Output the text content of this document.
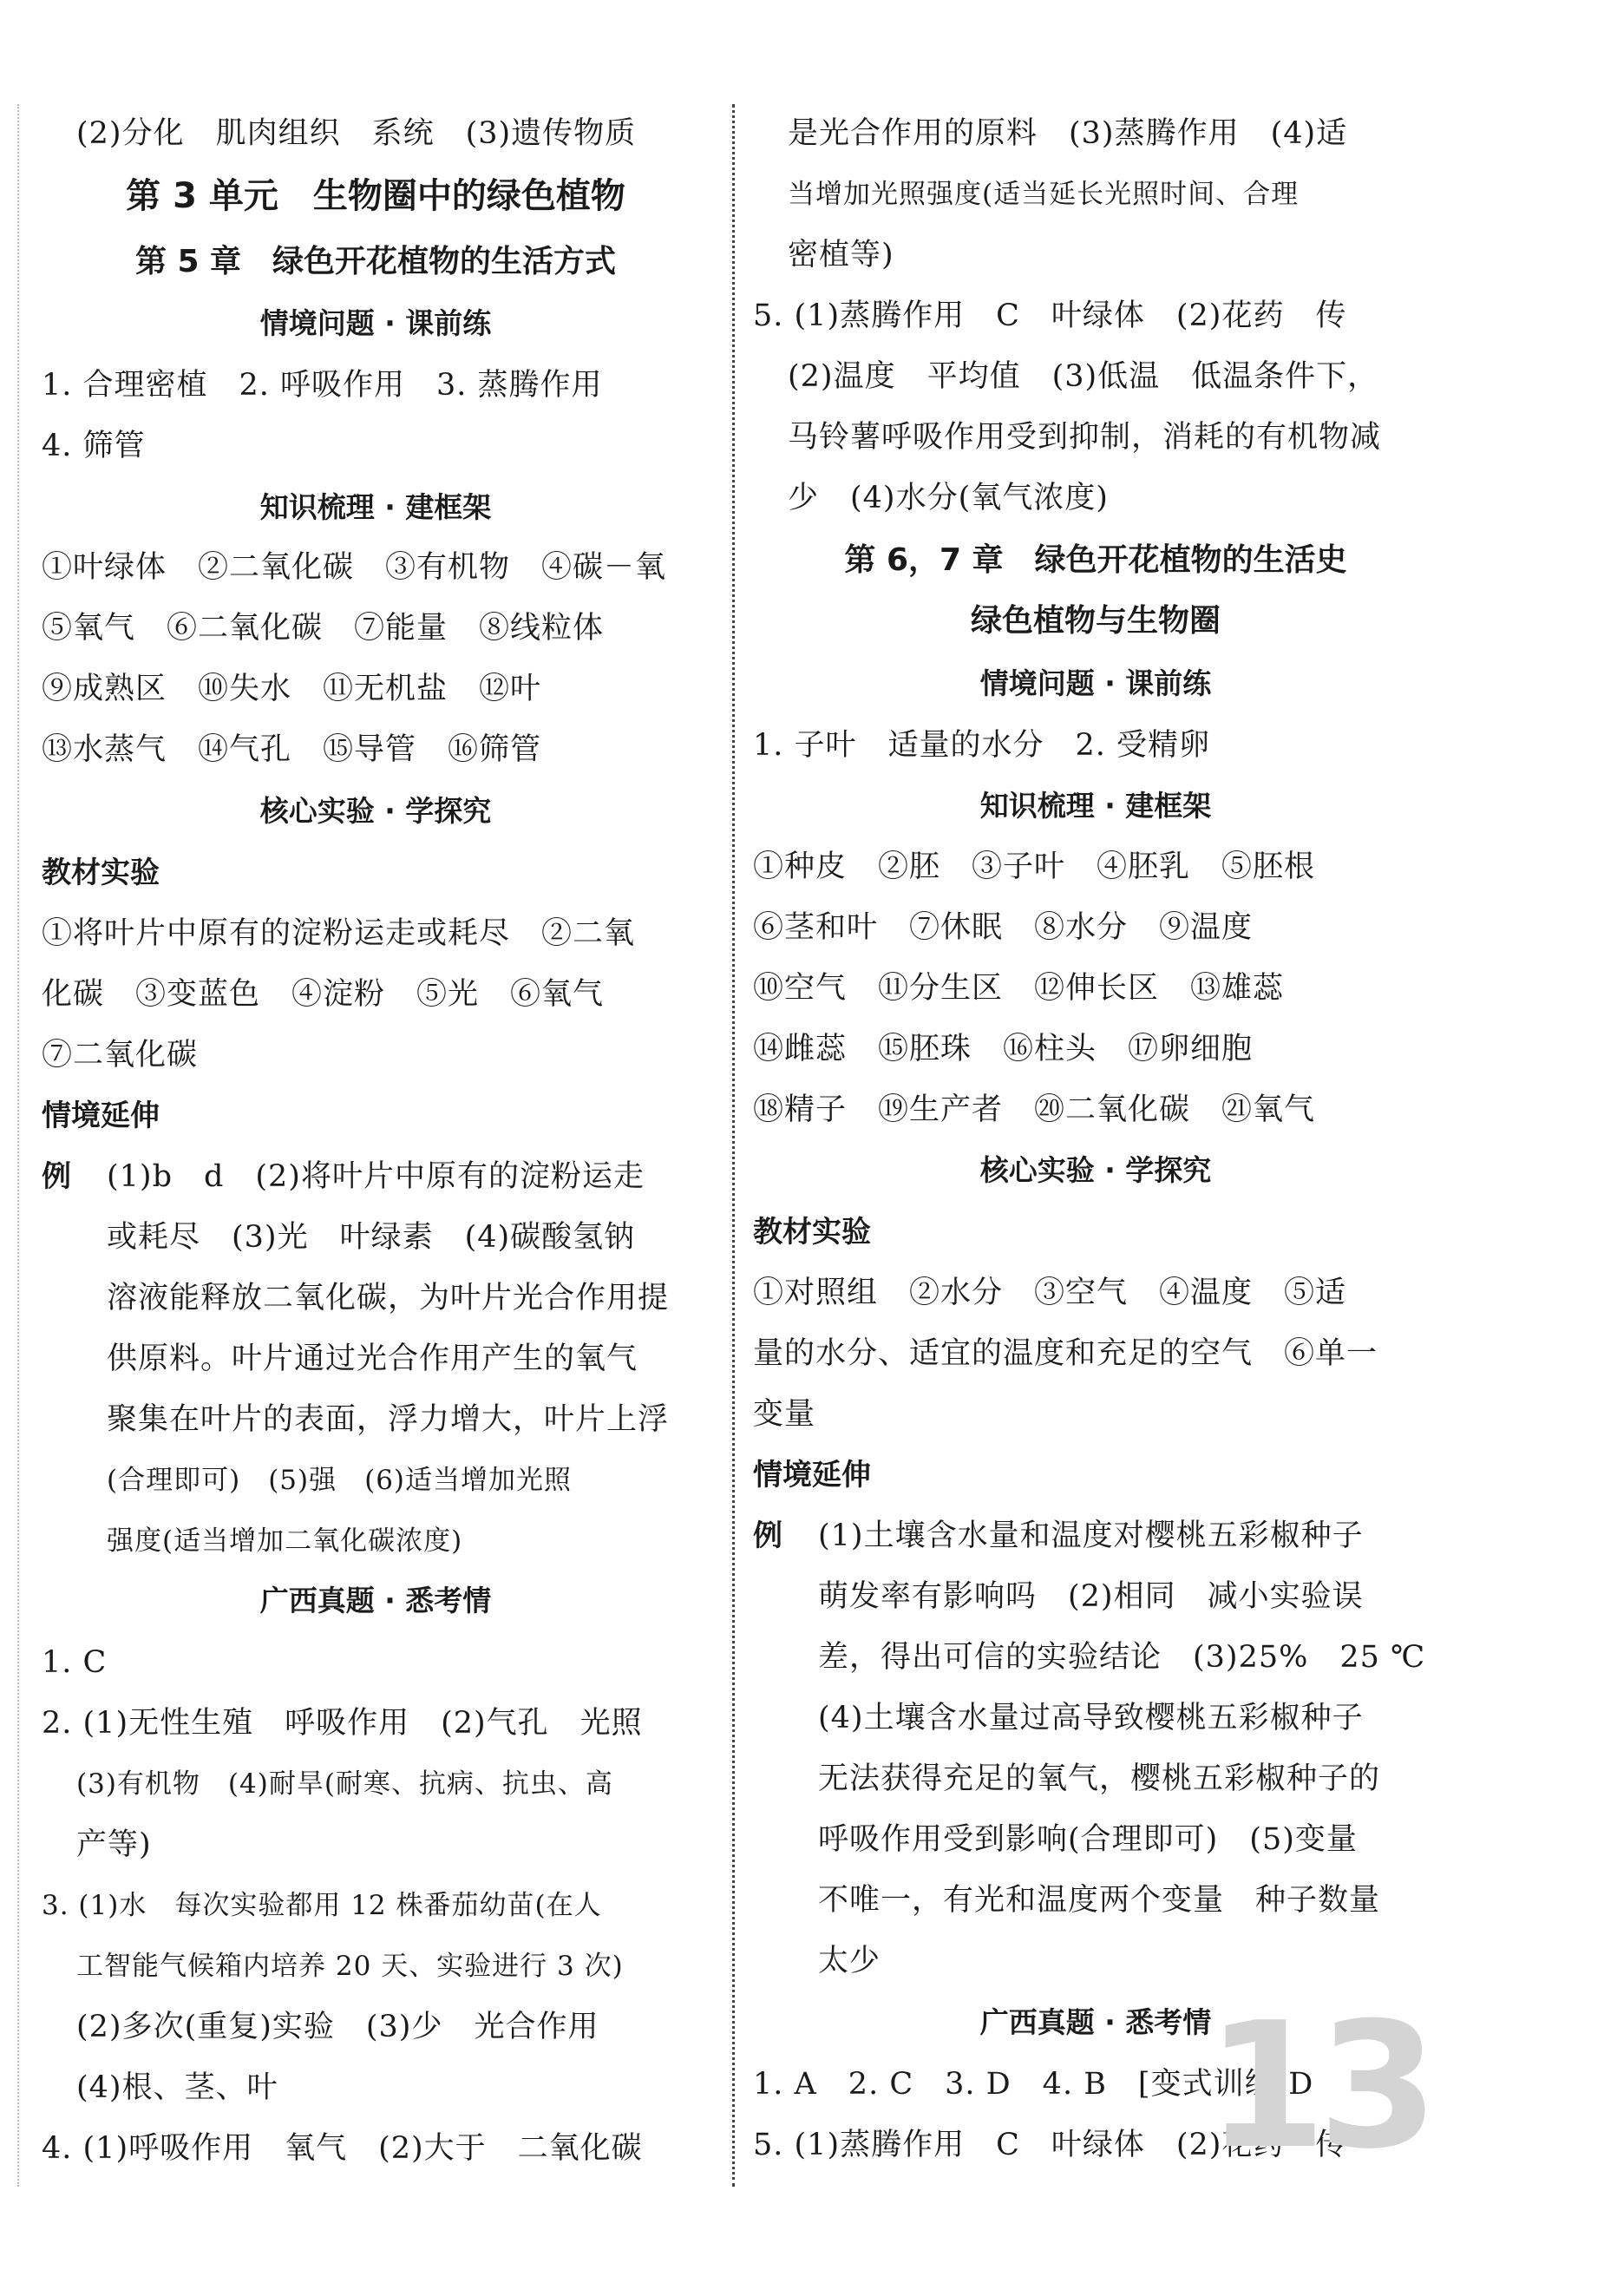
(2)分化　肌肉组织　系统　(3)遗传物质
第 3 单元　生物圈中的绿色植物
第 5 章　绿色开花植物的生活方式
情境问题 · 课前练
1. 合理密植　2. 呼吸作用　3. 蒸腾作用
4. 筛管
知识梳理 · 建框架
①叶绿体　②二氧化碳　③有机物　④碳－氧
⑤氧气　⑥二氧化碳　⑦能量　⑧线粒体
⑨成熟区　⑩失水　⑪无机盐　⑫叶
⑬水蒸气　⑭气孔　⑮导管　⑯筛管
核心实验 · 学探究
教材实验
①将叶片中原有的淀粉运走或耗尽　②二氧
化碳　③变蓝色　④淀粉　⑤光　⑥氧气
⑦二氧化碳
情境延伸
例 (1)b　d　(2)将叶片中原有的淀粉运走
或耗尽　(3)光　叶绿素　(4)碳酸氢钠
溶液能释放二氧化碳，为叶片光合作用提
供原料。叶片通过光合作用产生的氧气
聚集在叶片的表面，浮力增大，叶片上浮
(合理即可)　(5)强　(6)适当增加光照
强度(适当增加二氧化碳浓度)
广西真题 · 悉考情
1. C
2. (1)无性生殖　呼吸作用　(2)气孔　光照
(3)有机物　(4)耐旱(耐寒、抗病、抗虫、高
产等)
3. (1)水　每次实验都用 12 株番茄幼苗(在人
工智能气候箱内培养 20 天、实验进行 3 次)
(2)多次(重复)实验　(3)少　光合作用
(4)根、茎、叶
4. (1)呼吸作用　氧气　(2)大于　二氧化碳
是光合作用的原料　(3)蒸腾作用　(4)适
当增加光照强度(适当延长光照时间、合理
密植等)
5. (1)蒸腾作用　C　叶绿体　(2)花药　传
(2)温度　平均值　(3)低温　低温条件下，
马铃薯呼吸作用受到抑制，消耗的有机物减
少　(4)水分(氧气浓度)
第 6，7 章　绿色开花植物的生活史
绿色植物与生物圈
情境问题 · 课前练
1. 子叶　适量的水分　2. 受精卵
知识梳理 · 建框架
①种皮　②胚　③子叶　④胚乳　⑤胚根
⑥茎和叶　⑦休眠　⑧水分　⑨温度
⑩空气　⑪分生区　⑫伸长区　⑬雄蕊
⑭雌蕊　⑮胚珠　⑯柱头　⑰卵细胞
⑱精子　⑲生产者　⑳二氧化碳　㉑氧气
核心实验 · 学探究
教材实验
①对照组　②水分　③空气　④温度　⑤适
量的水分、适宜的温度和充足的空气　⑥单一
变量
情境延伸
例 (1)土壤含水量和温度对樱桃五彩椒种子
萌发率有影响吗　(2)相同　减小实验误
差，得出可信的实验结论　(3)25%　25 ℃
(4)土壤含水量过高导致樱桃五彩椒种子
无法获得充足的氧气，樱桃五彩椒种子的
呼吸作用受到影响(合理即可)　(5)变量
不唯一，有光和温度两个变量　种子数量
太少
广西真题 · 悉考情
1. A　2. C　3. D　4. B　[变式训练]D
5. (1)蒸腾作用　C　叶绿体　(2)花药　传
13
